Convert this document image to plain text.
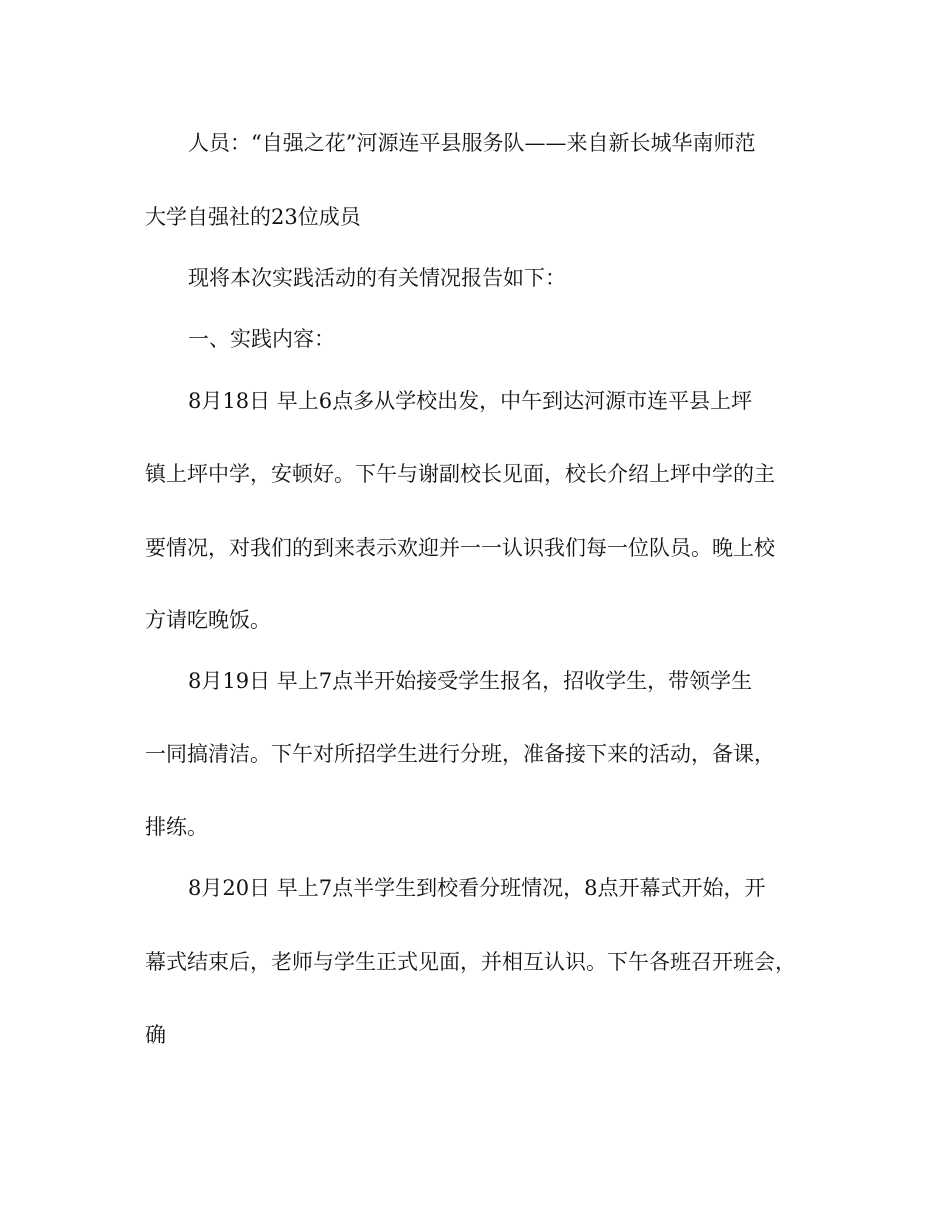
人员：“自强之花”河源连平县服务队——来自新长城华南师范
大学自强社的23位成员
现将本次实践活动的有关情况报告如下：
一、实践内容：
8月18日 早上6点多从学校出发，中午到达河源市连平县上坪
镇上坪中学，安顿好。下午与谢副校长见面，校长介绍上坪中学的主
要情况，对我们的到来表示欢迎并一一认识我们每一位队员。晚上校
方请吃晚饭。
8月19日 早上7点半开始接受学生报名，招收学生，带领学生
一同搞清洁。下午对所招学生进行分班，准备接下来的活动，备课，
排练。
8月20日 早上7点半学生到校看分班情况，8点开幕式开始，开
幕式结束后，老师与学生正式见面，并相互认识。下午各班召开班会，
确
